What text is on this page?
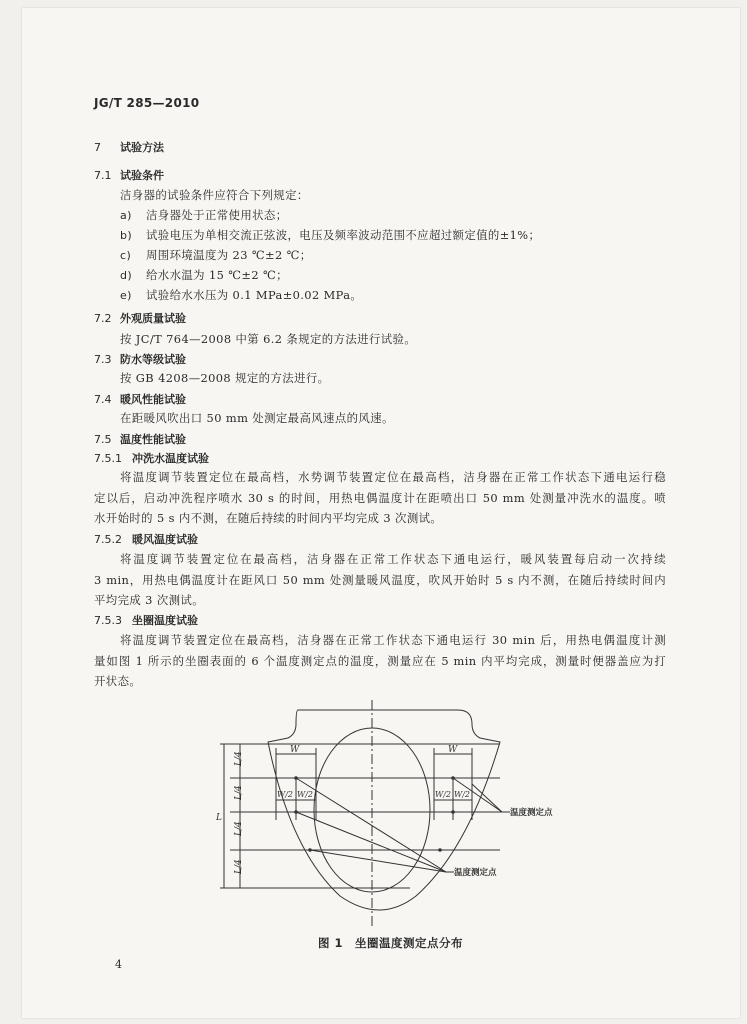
JG/T 285—2010
7 试验方法
7.1 试验条件
洁身器的试验条件应符合下列规定：
a) 洁身器处于正常使用状态；
b) 试验电压为单相交流正弦波，电压及频率波动范围不应超过额定值的±1%；
c) 周围环境温度为 23 ℃±2 ℃；
d) 给水水温为 15 ℃±2 ℃；
e) 试验给水水压为 0.1 MPa±0.02 MPa。
7.2 外观质量试验
按 JC/T 764—2008 中第 6.2 条规定的方法进行试验。
7.3 防水等级试验
按 GB 4208—2008 规定的方法进行。
7.4 暖风性能试验
在距暖风吹出口 50 mm 处测定最高风速点的风速。
7.5 温度性能试验
7.5.1 冲洗水温度试验
将温度调节装置定位在最高档，水势调节装置定位在最高档，洁身器在正常工作状态下通电运行稳
定以后，启动冲洗程序喷水 30 s 的时间，用热电偶温度计在距喷出口 50 mm 处测量冲洗水的温度。喷
水开始时的 5 s 内不测，在随后持续的时间内平均完成 3 次测试。
7.5.2 暖风温度试验
将温度调节装置定位在最高档，洁身器在正常工作状态下通电运行，暖风装置每启动一次持续
3 min，用热电偶温度计在距风口 50 mm 处测量暖风温度，吹风开始时 5 s 内不测，在随后持续时间内
平均完成 3 次测试。
7.5.3 坐圈温度试验
将温度调节装置定位在最高档，洁身器在正常工作状态下通电运行 30 min 后，用热电偶温度计测
量如图 1 所示的坐圈表面的 6 个温度测定点的温度，测量应在 5 min 内平均完成，测量时便器盖应为打
开状态。
L/4
L/4
L/4
L/4
L
W	W
W/2 W/2	W/2 W/2
温度测定点
温度测定点
图 1　坐圈温度测定点分布
4
